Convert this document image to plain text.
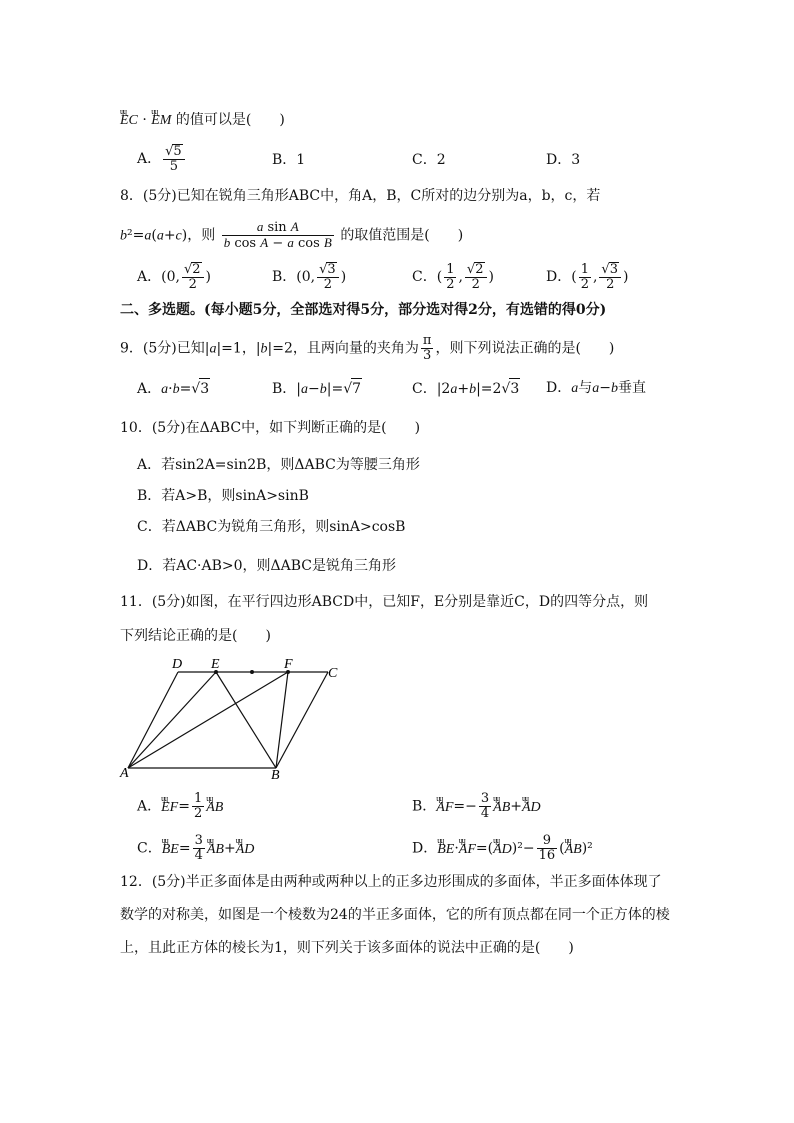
ɥɥ EC · ɥɥ EM 的值可以是(　　)
A． $\frac{√5}{5}$	B．1	C．2	D．3
8．(5分)已知在锐角三角形ABC中，角A，B，C所对的边分别为a，b，c，若
b²=a(a+c)，则 $\frac{\text{a sin A}}{\text{b cos A − a cos B}}$ 的取值范围是(　　)
A．(0, $\frac{√2}{2}$ )	B．(0, $\frac{√3}{2}$ )	C．( $\frac{1}{2}$ , $\frac{√2}{2}$ )	D．( $\frac{1}{2}$ , $\frac{√3}{2}$ )
二、多选题。(每小题5分，全部选对得5分，部分选对得2分，有选错的得0分)
9．(5分)已知|a|=1，|b|=2，且两向量的夹角为 $\frac{\pi}{3}$ ，则下列说法正确的是(　　)
A．a·b=√3	B．|a−b|=√7	C．|2a+b|=2√3 D．a与a−b垂直
10．(5分)在ΔABC中，如下判断正确的是(　　)
A．若sin2A=sin2B，则ΔABC为等腰三角形
B．若A>B，则sinA>sinB
C．若ΔABC为锐角三角形，则sinA>cosB
D．若AC·AB>0，则ΔABC是锐角三角形
11．(5分)如图，在平行四边形ABCD中，已知F，E分别是靠近C，D的四等分点，则
下列结论正确的是(　　)
D E	F
C
A	B
A．ɥɥ $EF= \frac{1}{2}$ ɥɥ AB	B．ɥɥ $AF=- \frac{3}{4}$ ɥɥ AB+ɥɥ AD
C．ɥɥ $BE= \frac{3}{4}$ ɥɥ AB+ɥɥ AD	D．ɥɥ BE·ɥɥ AF=(ɥɥ $AD)^2- \frac{9}{16}$ (ɥɥ AB)²
12．(5分)半正多面体是由两种或两种以上的正多边形围成的多面体，半正多面体体现了
数学的对称美，如图是一个棱数为24的半正多面体，它的所有顶点都在同一个正方体的棱
上，且此正方体的棱长为1，则下列关于该多面体的说法中正确的是(　　)
